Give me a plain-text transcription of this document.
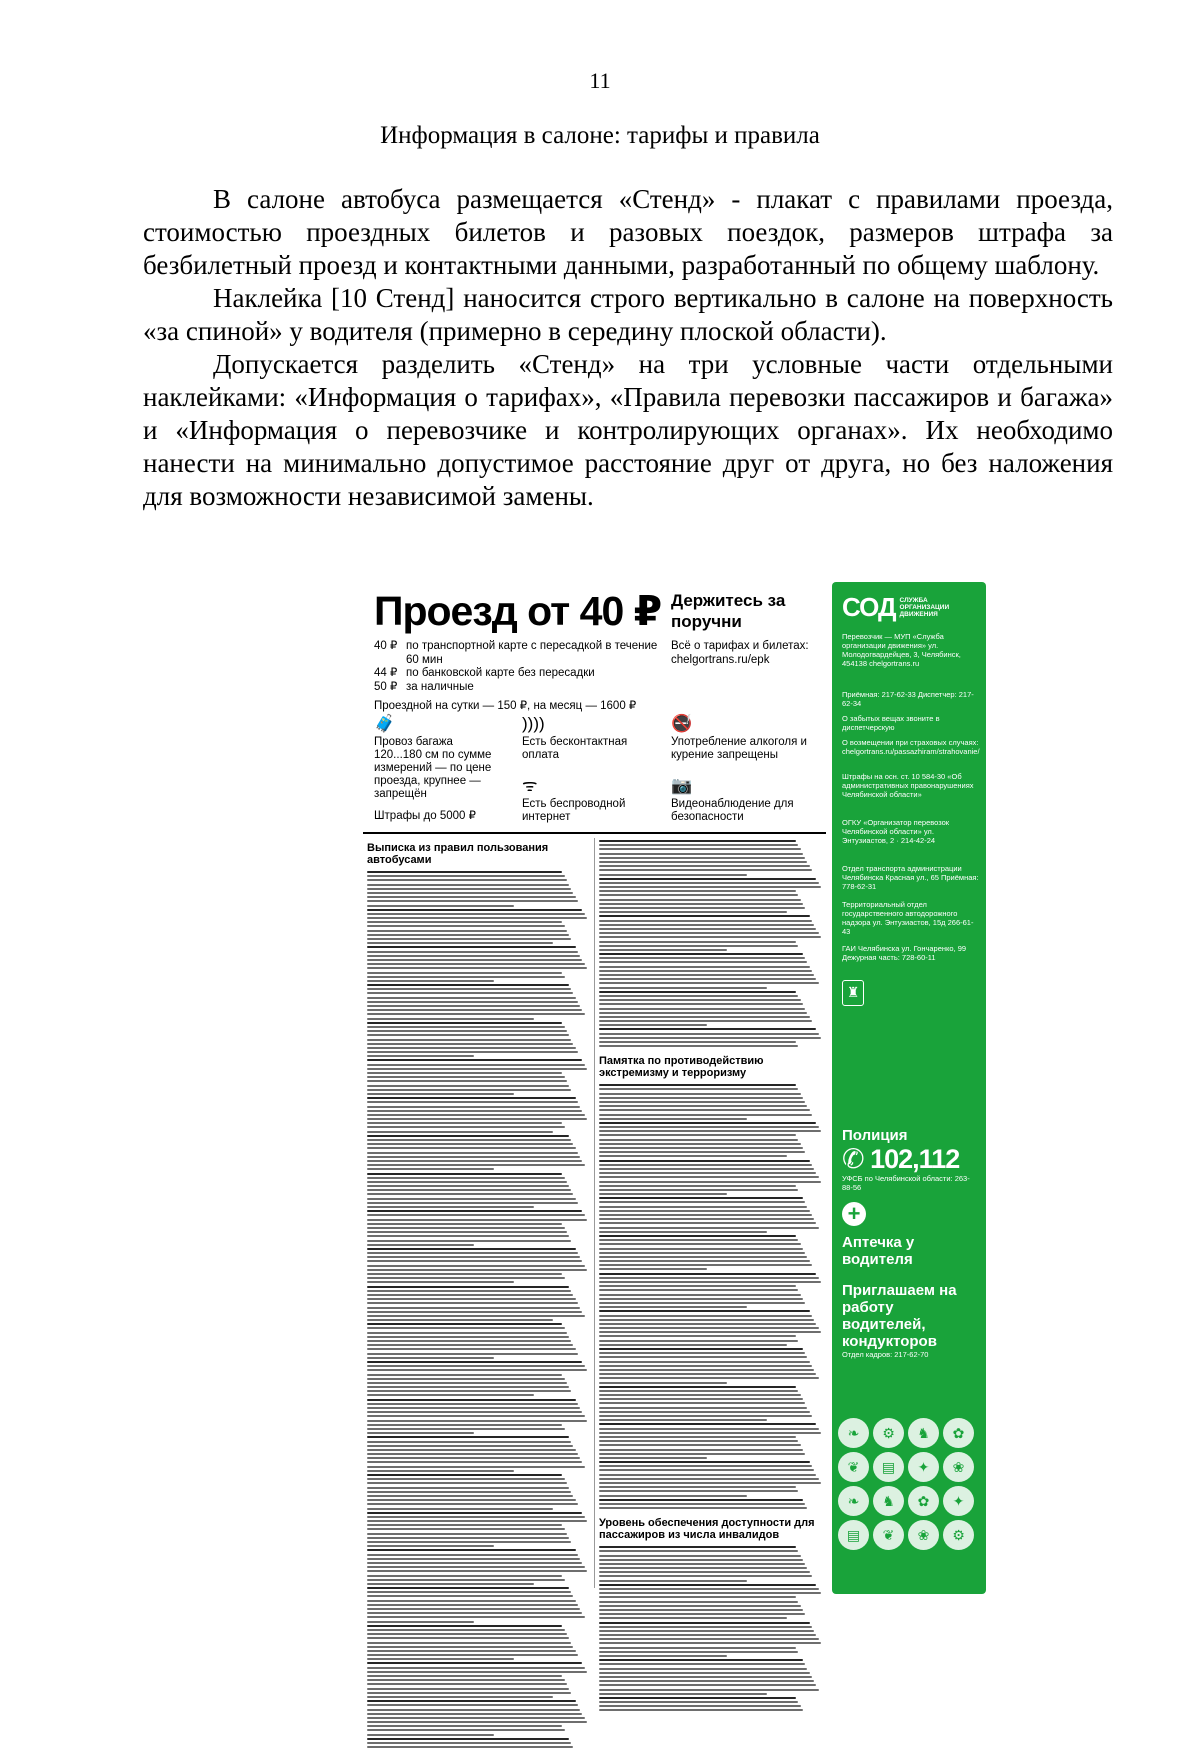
11
Информация в салоне: тарифы и правила

В салоне автобуса размещается «Стенд» - плакат с правилами проезда, стоимостью проездных билетов и разовых поездок, размеров штрафа за безбилетный проезд и контактными данными, разработанный по общему шаблону.

Наклейка [10 Стенд] наносится строго вертикально в салоне на поверхность «за спиной» у водителя (примерно в середину плоской области).

Допускается разделить «Стенд» на три условные части отдельными наклейками: «Информация о тарифах», «Правила перевозки пассажиров и багажа» и «Информация о перевозчике и контролирующих органах». Их необходимо нанести на минимально допустимое расстояние друг от друга, но без наложения для возможности независимой замены.

Проезд от 40 ₽ Держитесь за поручни
40 ₽ по транспортной карте с пересадкой в течение 60 мин
44 ₽ по банковской карте без пересадки
50 ₽ за наличные
Проездной на сутки — 150 ₽, на месяц — 1600 ₽
Всё о тарифах и билетах: chelgortrans.ru/epk
🧳
Провоз багажа 120...180 см по сумме измерений — по цене проезда, крупнее — запрещён
Штрафы до 5000 ₽
))))
Есть бесконтактная оплата
ᯤ
Есть беспроводной интернет
🚭
Употребление алкоголя и курение запрещены
📷
Видеонаблюдение для безопасности
Выписка из правил пользования автобусами
Памятка по противодействию экстремизму и терроризму
Уровень обеспечения доступности для пассажиров из числа инвалидов
СОД СЛУЖБА ОРГАНИЗАЦИИ ДВИЖЕНИЯ
Перевозчик — МУП «Служба организации движения» ул. Молодогвардейцев, 3, Челябинск, 454138 chelgortrans.ru
Приёмная: 217-62-33 Диспетчер: 217-62-34
О забытых вещах звоните в диспетчерскую
О возмещении при страховых случаях: chelgortrans.ru/passazhiram/strahovanie/
Штрафы на осн. ст. 10 584-30 «Об административных правонарушениях Челябинской области»
ОГКУ «Организатор перевозок Челябинской области» ул. Энтузиастов, 2 · 214-42-24
Отдел транспорта администрации Челябинска Красная ул., 65 Приёмная: 778-62-31
Территориальный отдел государственного автодорожного надзора ул. Энтузиастов, 15д 266-61-43
ГАИ Челябинска ул. Гончаренко, 99 Дежурная часть: 728-60-11
♜
Полиция
✆ 102,112
УФСБ по Челябинской области: 263-88-56
+
Аптечка у водителя
Приглашаем на работу водителей, кондукторов
Отдел кадров: 217-62-70
❧	⚙	♞	✿
❦	▤	✦	❀
❧	♞	✿	✦
▤	❦	❀	⚙
